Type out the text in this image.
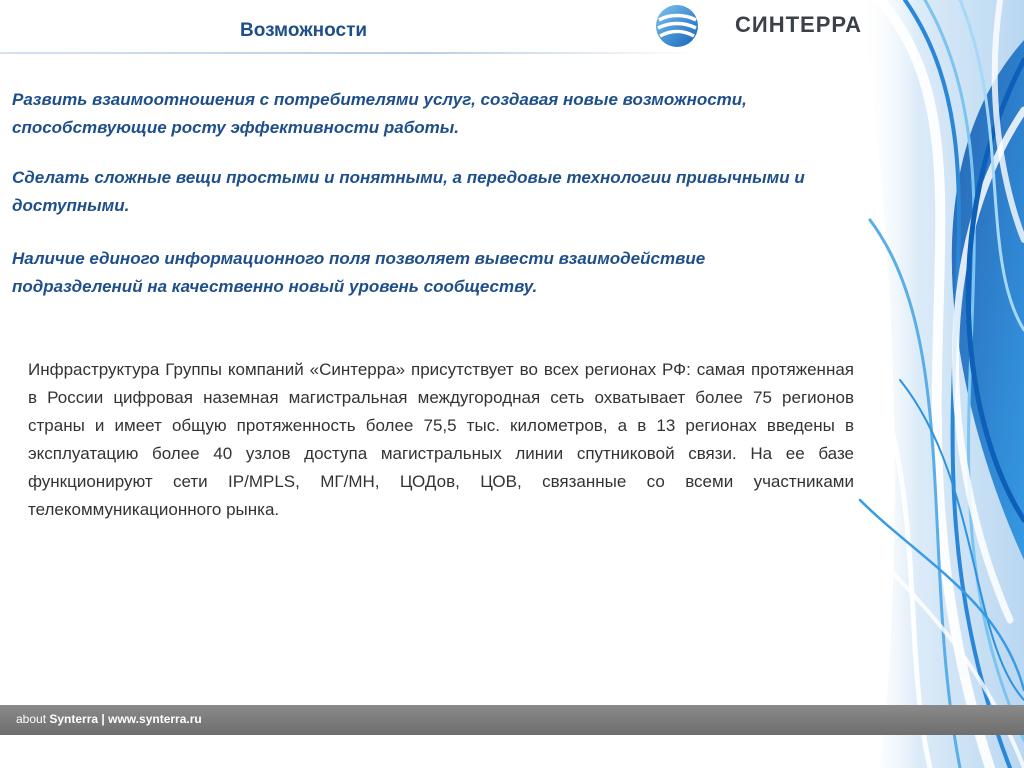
Возможности	СИНТЕРРА

Развить взаимоотношения с потребителями услуг, создавая новые возможности, способствующие росту эффективности работы.

Сделать сложные вещи простыми и понятными, а передовые технологии привычными и доступными.

Наличие единого информационного поля позволяет вывести взаимодействие подразделений на качественно новый уровень сообществу.

Инфраструктура Группы компаний «Синтерра» присутствует во всех регионах РФ: самая протяженная в России цифровая наземная магистральная междугородная сеть охватывает более 75 регионов страны и имеет общую протяженность более 75,5 тыс. километров, а в 13 регионах введены в эксплуатацию более 40 узлов доступа магистральных линии спутниковой связи. На ее базе функционируют сети IP/MPLS, МГ/МН, ЦОДов, ЦОВ, связанные со всеми участниками телекоммуникационного рынка.

about Synterra | www.synterra.ru
